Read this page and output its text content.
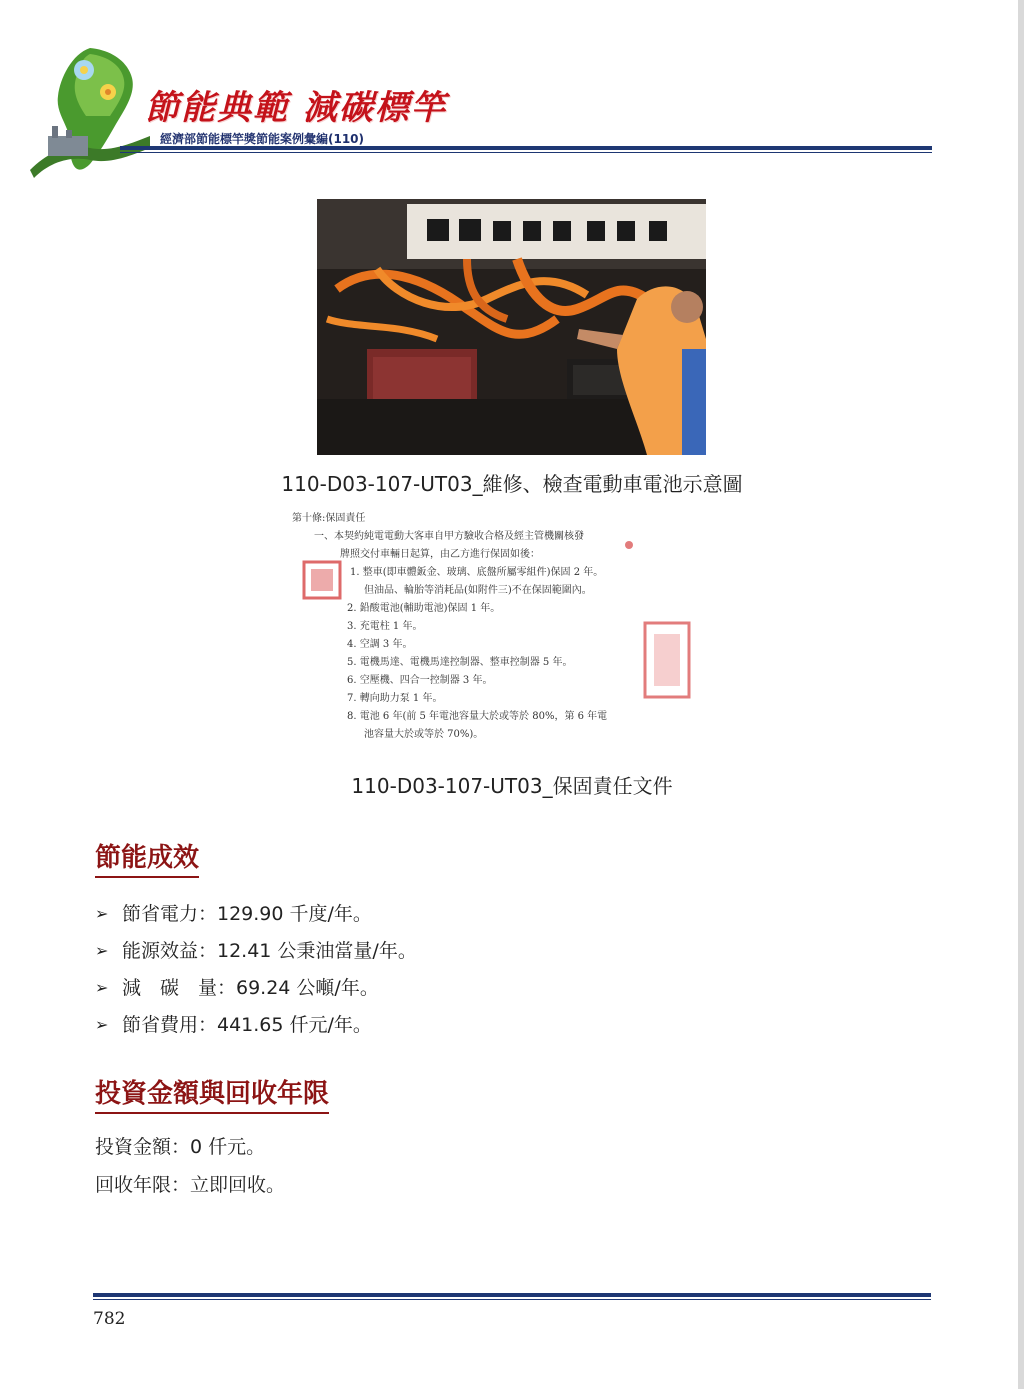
節能典範 減碳標竿
經濟部節能標竿獎節能案例彙編(110)
110-D03-107-UT03_維修、檢查電動車電池示意圖
第十條:保固責任
一、本契約純電電動大客車自甲方驗收合格及經主管機關核發
牌照交付車輛日起算，由乙方進行保固如後：
1. 整車(即車體鈑金、玻璃、底盤所屬零組件)保固 2 年。
但油品、輪胎等消耗品(如附件三)不在保固範圍內。
2. 鉛酸電池(輔助電池)保固 1 年。
3. 充電柱 1 年。
4. 空調 3 年。
5. 電機馬達、電機馬達控制器、整車控制器 5 年。
6. 空壓機、四合一控制器 3 年。
7. 轉向助力泵 1 年。
8. 電池 6 年(前 5 年電池容量大於或等於 80%，第 6 年電
池容量大於或等於 70%)。
110-D03-107-UT03_保固責任文件
節能成效
➢ 節省電力：129.90 千度/年。
➢ 能源效益：12.41 公秉油當量/年。
➢ 減　碳　量：69.24 公噸/年。
➢ 節省費用：441.65 仟元/年。
投資金額與回收年限
投資金額：0 仟元。
回收年限：立即回收。
782
